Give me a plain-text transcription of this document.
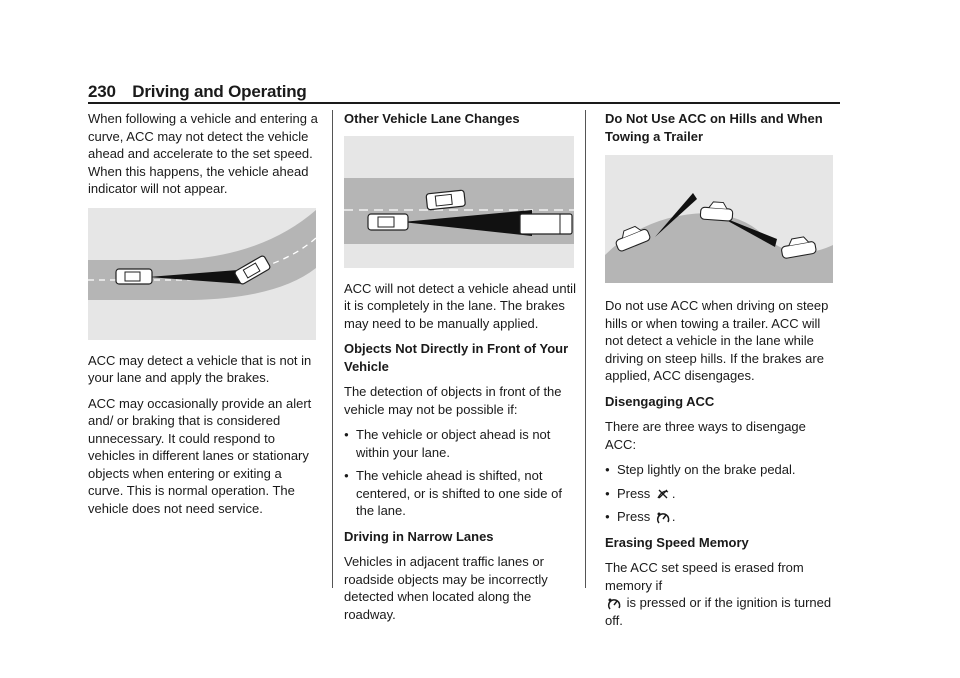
230 Driving and Operating

When following a vehicle and entering a curve, ACC may not detect the vehicle ahead and accelerate to the set speed. When this happens, the vehicle ahead indicator will not appear.

ACC may detect a vehicle that is not in your lane and apply the brakes.

ACC may occasionally provide an alert and/ or braking that is considered unnecessary. It could respond to vehicles in different lanes or stationary objects when entering or exiting a curve. This is normal operation. The vehicle does not need service.

Other Vehicle Lane Changes

ACC will not detect a vehicle ahead until it is completely in the lane. The brakes may need to be manually applied.

Objects Not Directly in Front of Your Vehicle

The detection of objects in front of the vehicle may not be possible if:

● The vehicle or object ahead is not within your lane.
● The vehicle ahead is shifted, not centered, or is shifted to one side of the lane.
Driving in Narrow Lanes

Vehicles in adjacent traffic lanes or roadside objects may be incorrectly detected when located along the roadway.

Do Not Use ACC on Hills and When Towing a Trailer

Do not use ACC when driving on steep hills or when towing a trailer. ACC will not detect a vehicle in the lane while driving on steep hills. If the brakes are applied, ACC disengages.

Disengaging ACC

There are three ways to disengage ACC:

● Step lightly on the brake pedal.
● Press .
● Press .
Erasing Speed Memory

The ACC set speed is erased from memory if
is pressed or if the ignition is turned off.
